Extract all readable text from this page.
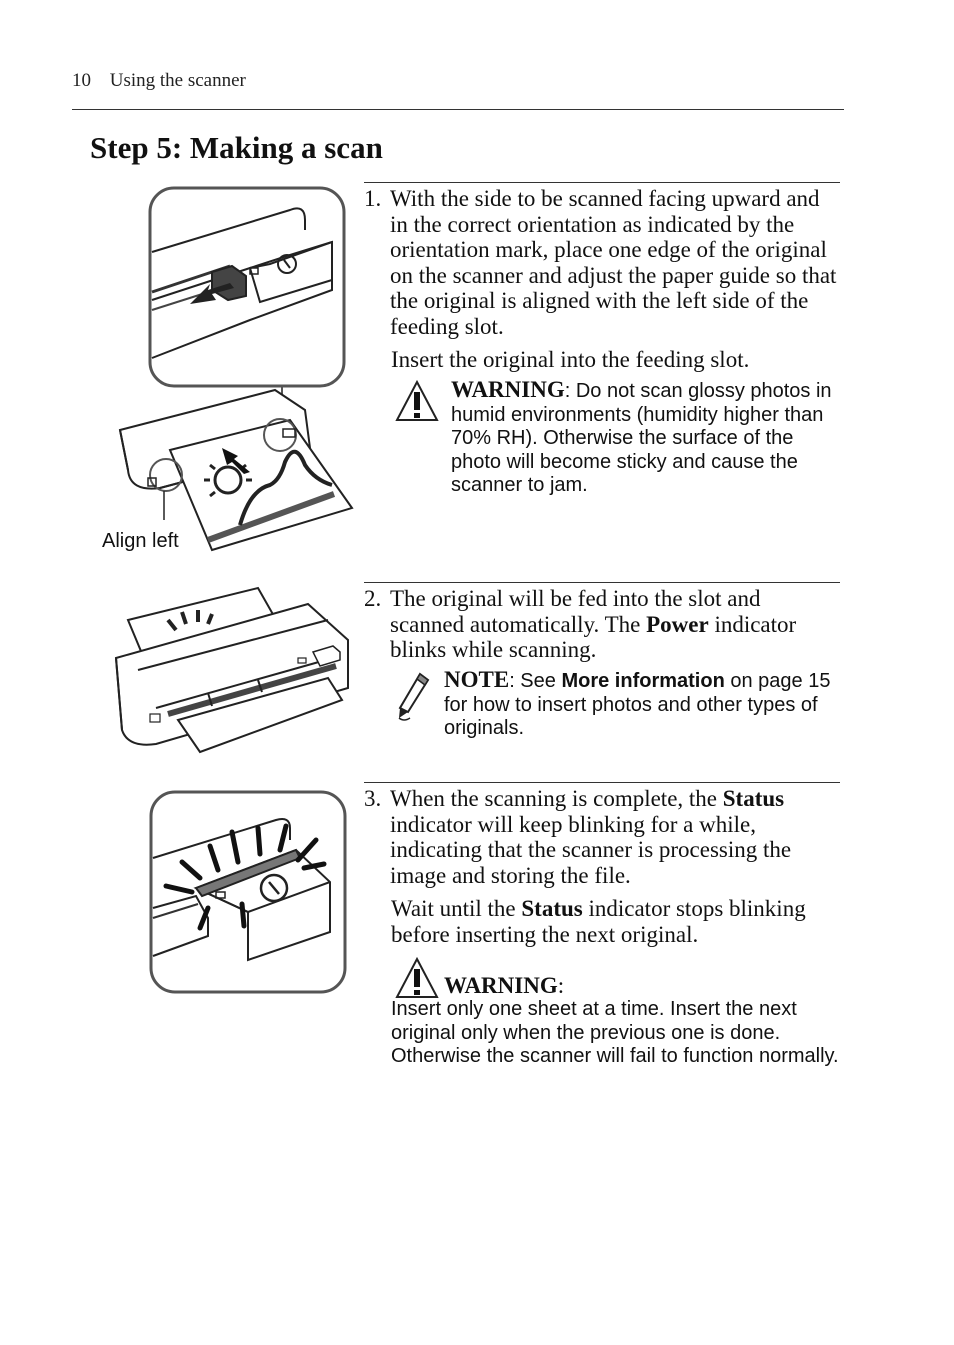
10 Using the scanner
Step 5: Making a scan
Align left
1. With the side to be scanned facing upward and in the correct orientation as indicated by the orientation mark, place one edge of the original on the scanner and adjust the paper guide so that the original is aligned with the left side of the feeding slot.

Insert the original into the feeding slot.

WARNING: Do not scan glossy photos in humid environments (humidity higher than 70% RH). Otherwise the surface of the photo will become sticky and cause the scanner to jam.
2. The original will be fed into the slot and scanned automatically. The Power indicator blinks while scanning.

NOTE: See More information on page 15 for how to insert photos and other types of originals.
3. When the scanning is complete, the Status indicator will keep blinking for a while, indicating that the scanner is processing the image and storing the file.

Wait until the Status indicator stops blinking before inserting the next original.

WARNING:
Insert only one sheet at a time. Insert the next original only when the previous one is done. Otherwise the scanner will fail to function normally.
